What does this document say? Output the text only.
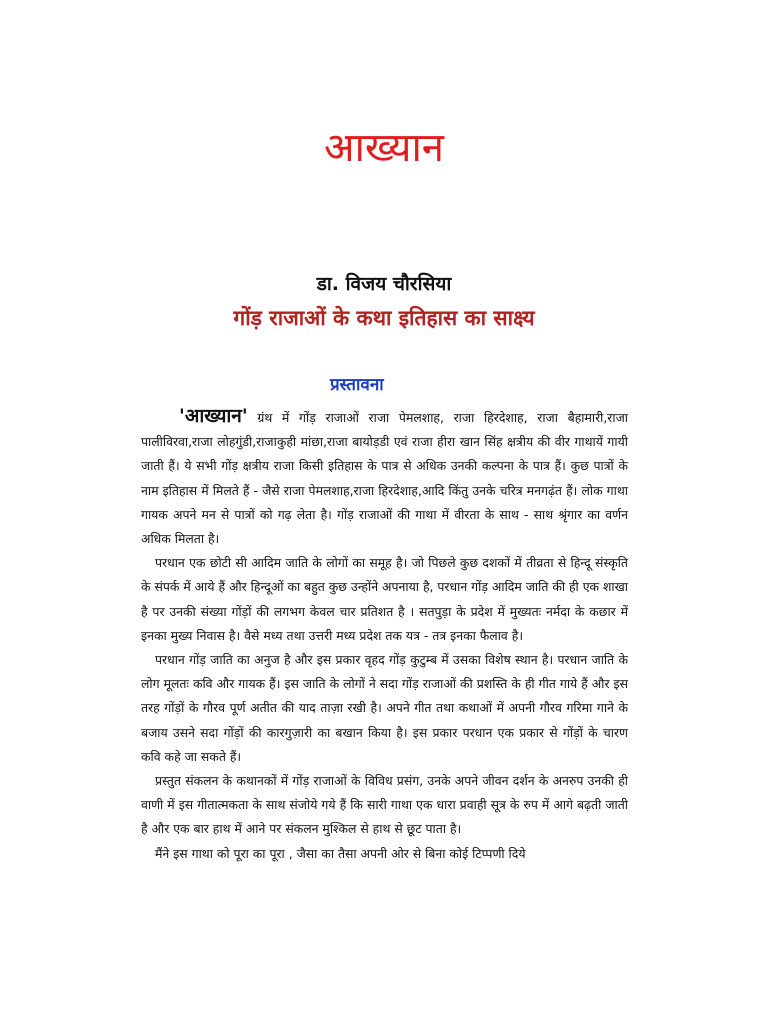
आख्यान
डा. विजय चौरसिया
गोंड़ राजाओं के कथा इतिहास का साक्ष्य
प्रस्तावना

'आख्यान' ग्रंथ में गोंड़ राजाओं राजा पेमलशाह, राजा हिरदेशाह, राजा बैहामारी,राजा पालीविरवा,राजा लोहगुंडी,राजाकुही मांछा,राजा बायोड़डी एवं राजा हीरा खान सिंह क्षत्रीय की वीर गाथायें गायी जाती हैं। ये सभी गोंड़ क्षत्रीय राजा किसी इतिहास के पात्र से अधिक उनकी कल्पना के पात्र हैं। कुछ पात्रों के नाम इतिहास में मिलते हैं - जैसे राजा पेमलशाह,राजा हिरदेशाह,आदि किंतु उनके चरित्र मनगढ़ंत हैं। लोक गाथा गायक अपने मन से पात्रों को गढ़ लेता है। गोंड़ राजाओं की गाथा में वीरता के साथ - साथ श्रृंगार का वर्णन अधिक मिलता है।

परधान एक छोटी सी आदिम जाति के लोगों का समूह है। जो पिछले कुछ दशकों में तीव्रता से हिन्दू संस्कृति के संपर्क में आये हैं और हिन्दूओं का बहुत कुछ उन्होंने अपनाया है, परधान गोंड़ आदिम जाति की ही एक शाखा है पर उनकी संख्या गोंड़ों की लगभग केवल चार प्रतिशत है । सतपुड़ा के प्रदेश में मुख्यतः नर्मदा के कछार में इनका मुख्य निवास है। वैसे मध्य तथा उत्तरी मध्य प्रदेश तक यत्र - तत्र इनका फैलाव है।

परधान गोंड़ जाति का अनुज है और इस प्रकार वृहद गोंड़ कुटुम्ब में उसका विशेष स्थान है। परधान जाति के लोग मूलतः कवि और गायक हैं। इस जाति के लोगों ने सदा गोंड़ राजाओं की प्रशस्ति के ही गीत गाये हैं और इस तरह गोंड़ों के गौरव पूर्ण अतीत की याद ताज़ा रखी है। अपने गीत तथा कथाओं में अपनी गौरव गरिमा गाने के बजाय उसने सदा गोंड़ों की कारगुज़ारी का बखान किया है। इस प्रकार परधान एक प्रकार से गोंड़ों के चारण कवि कहे जा सकते हैं।

प्रस्तुत संकलन के कथानकों में गोंड़ राजाओं के विविध प्रसंग, उनके अपने जीवन दर्शन के अनरुप उनकी ही वाणी में इस गीतात्मकता के साथ संजोये गये हैं कि सारी गाथा एक धारा प्रवाही सूत्र के रुप में आगे बढ़ती जाती है और एक बार हाथ में आने पर संकलन मुश्किल से हाथ से छूट पाता है।

मैंने इस गाथा को पूरा का पूरा , जैसा का तैसा अपनी ओर से बिना कोई टिप्पणी दिये
